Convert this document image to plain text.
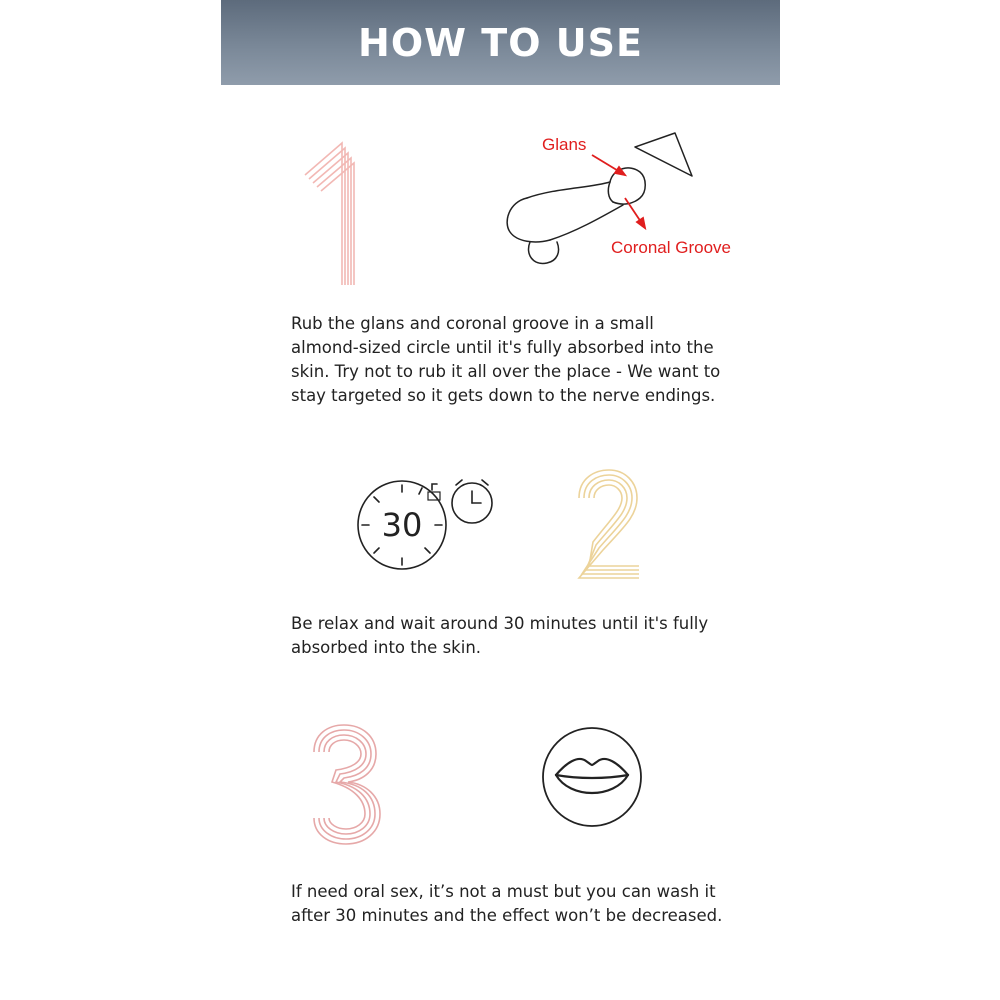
HOW TO USE
Glans
Coronal Groove
Rub the glans and coronal groove in a small
almond-sized circle until it's fully absorbed into the
skin. Try not to rub it all over the place - We want to
stay targeted so it gets down to the nerve endings.
30
Be relax and wait around 30 minutes until it's fully
absorbed into the skin.
If need oral sex, it’s not a must but you can wash it
after 30 minutes and the effect won’t be decreased.
